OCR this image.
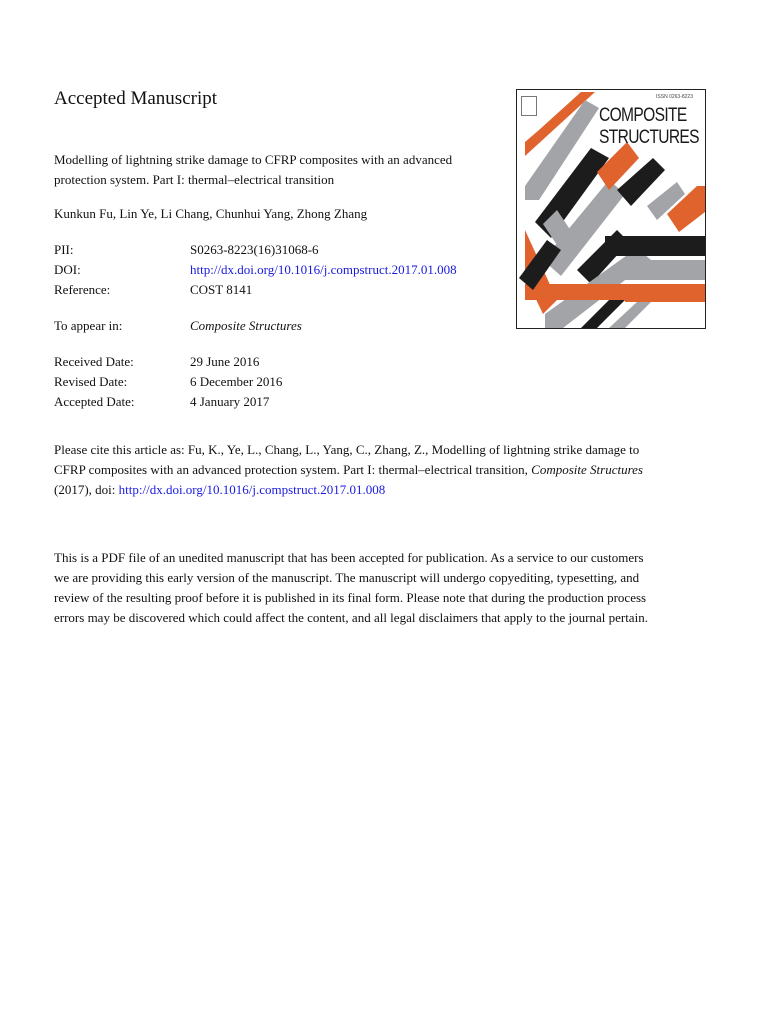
Accepted Manuscript
Modelling of lightning strike damage to CFRP composites with an advanced
protection system. Part I: thermal–electrical transition
Kunkun Fu, Lin Ye, Li Chang, Chunhui Yang, Zhong Zhang
PII:	S0263-8223(16)31068-6
DOI:	http://dx.doi.org/10.1016/j.compstruct.2017.01.008
Reference:	COST 8141
To appear in:	Composite Structures
Received Date:	29 June 2016
Revised Date:	6 December 2016
Accepted Date:	4 January 2017
Please cite this article as: Fu, K., Ye, L., Chang, L., Yang, C., Zhang, Z., Modelling of lightning strike damage to
CFRP composites with an advanced protection system. Part I: thermal–electrical transition, Composite Structures
(2017), doi: http://dx.doi.org/10.1016/j.compstruct.2017.01.008
This is a PDF file of an unedited manuscript that has been accepted for publication. As a service to our customers
we are providing this early version of the manuscript. The manuscript will undergo copyediting, typesetting, and
review of the resulting proof before it is published in its final form. Please note that during the production process
errors may be discovered which could affect the content, and all legal disclaimers that apply to the journal pertain.
ISSN 0263-8223
COMPOSITE
STRUCTURES
